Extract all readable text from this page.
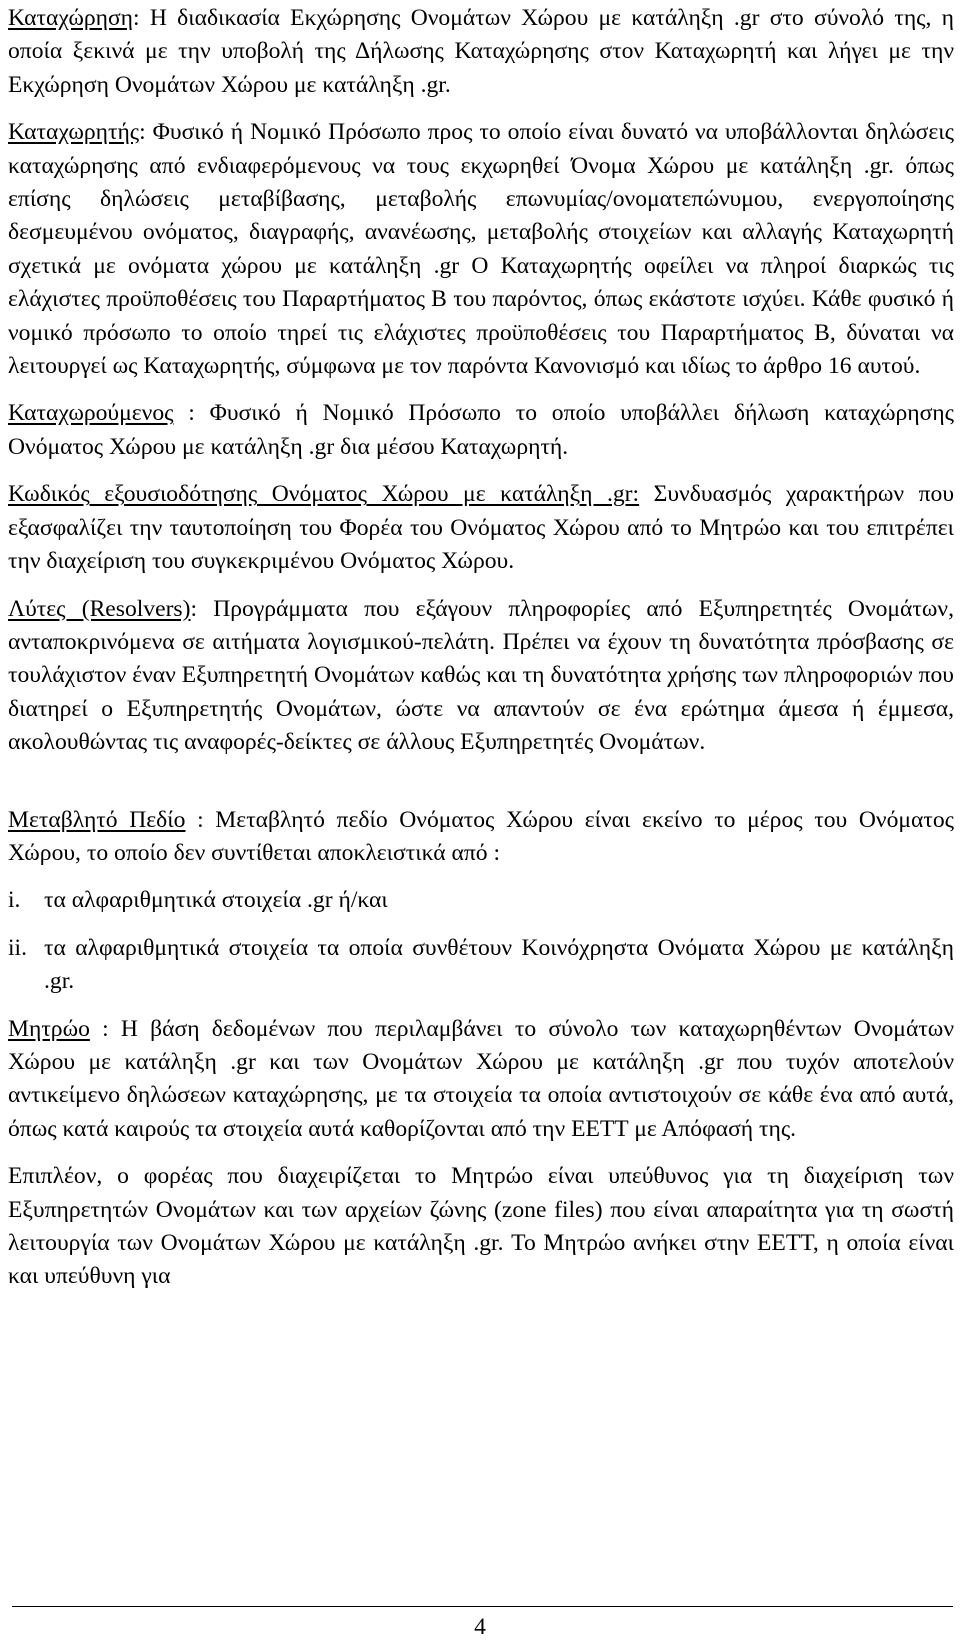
Καταχώρηση: Η διαδικασία Εκχώρησης Ονομάτων Χώρου με κατάληξη .gr στο σύνολό της, η οποία ξεκινά με την υποβολή της Δήλωσης Καταχώρησης στον Καταχωρητή και λήγει με την Εκχώρηση Ονομάτων Χώρου με κατάληξη .gr.

Καταχωρητής: Φυσικό ή Νομικό Πρόσωπο προς το οποίο είναι δυνατό να υποβάλλονται δηλώσεις καταχώρησης από ενδιαφερόμενους να τους εκχωρηθεί Όνομα Χώρου με κατάληξη .gr. όπως επίσης δηλώσεις μεταβίβασης, μεταβολής επωνυμίας/ονοματεπώνυμου, ενεργοποίησης δεσμευμένου ονόματος, διαγραφής, ανανέωσης, μεταβολής στοιχείων και αλλαγής Καταχωρητή σχετικά με ονόματα χώρου με κατάληξη .gr Ο Καταχωρητής οφείλει να πληροί διαρκώς τις ελάχιστες προϋποθέσεις του Παραρτήματος Β του παρόντος, όπως εκάστοτε ισχύει. Κάθε φυσικό ή νομικό πρόσωπο το οποίο τηρεί τις ελάχιστες προϋποθέσεις του Παραρτήματος Β, δύναται να λειτουργεί ως Καταχωρητής, σύμφωνα με τον παρόντα Κανονισμό και ιδίως το άρθρο 16 αυτού.

Καταχωρούμενος : Φυσικό ή Νομικό Πρόσωπο το οποίο υποβάλλει δήλωση καταχώρησης Ονόματος Χώρου με κατάληξη .gr δια μέσου Καταχωρητή.

Κωδικός εξουσιοδότησης Ονόματος Χώρου με κατάληξη .gr: Συνδυασμός χαρακτήρων που εξασφαλίζει την ταυτοποίηση του Φορέα του Ονόματος Χώρου από το Μητρώο και του επιτρέπει την διαχείριση του συγκεκριμένου Ονόματος Χώρου.

Λύτες (Resolvers): Προγράμματα που εξάγουν πληροφορίες από Εξυπηρετητές Ονομάτων, ανταποκρινόμενα σε αιτήματα λογισμικού-πελάτη. Πρέπει να έχουν τη δυνατότητα πρόσβασης σε τουλάχιστον έναν Εξυπηρετητή Ονομάτων καθώς και τη δυνατότητα χρήσης των πληροφοριών που διατηρεί ο Εξυπηρετητής Ονομάτων, ώστε να απαντούν σε ένα ερώτημα άμεσα ή έμμεσα, ακολουθώντας τις αναφορές-δείκτες σε άλλους Εξυπηρετητές Ονομάτων.

Μεταβλητό Πεδίο : Μεταβλητό πεδίο Ονόματος Χώρου είναι εκείνο το μέρος του Ονόματος Χώρου, το οποίο δεν συντίθεται αποκλειστικά από :

i. τα αλφαριθμητικά στοιχεία .gr ή/και
ii. τα αλφαριθμητικά στοιχεία τα οποία συνθέτουν Κοινόχρηστα Ονόματα Χώρου με κατάληξη .gr.

Μητρώο : Η βάση δεδομένων που περιλαμβάνει το σύνολο των καταχωρηθέντων Ονομάτων Χώρου με κατάληξη .gr και των Ονομάτων Χώρου με κατάληξη .gr που τυχόν αποτελούν αντικείμενο δηλώσεων καταχώρησης, με τα στοιχεία τα οποία αντιστοιχούν σε κάθε ένα από αυτά, όπως κατά καιρούς τα στοιχεία αυτά καθορίζονται από την ΕΕΤΤ με Απόφασή της.

Επιπλέον, ο φορέας που διαχειρίζεται το Μητρώο είναι υπεύθυνος για τη διαχείριση των Εξυπηρετητών Ονομάτων και των αρχείων ζώνης (zone files) που είναι απαραίτητα για τη σωστή λειτουργία των Ονομάτων Χώρου με κατάληξη .gr. Το Μητρώο ανήκει στην ΕΕΤΤ, η οποία είναι και υπεύθυνη για

4
